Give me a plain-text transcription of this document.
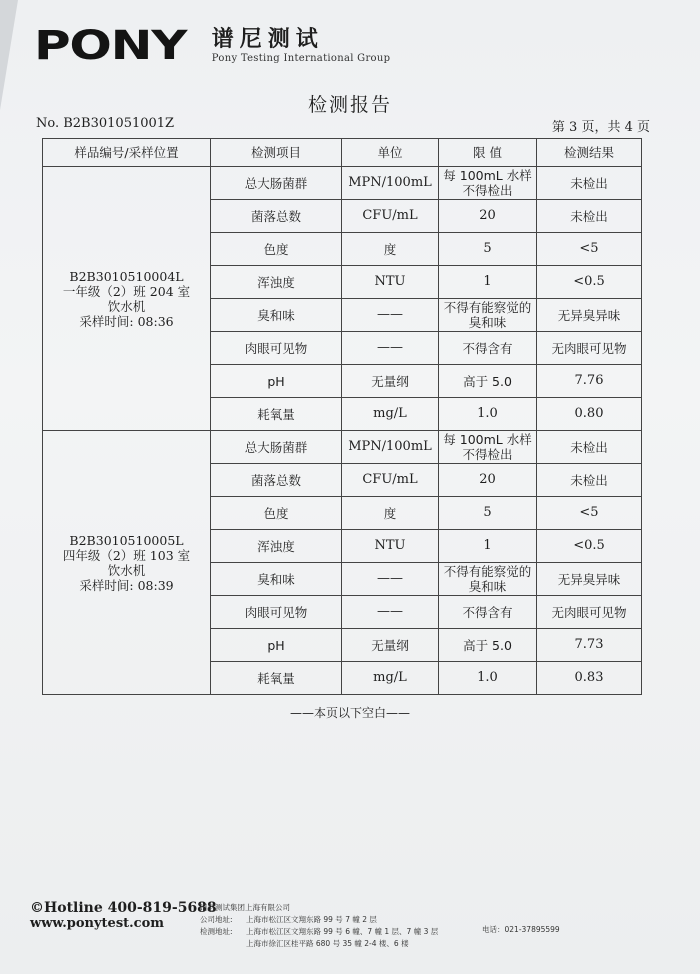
PONY 谱尼测试
Pony Testing International Group
检测报告
No. B2B301051001Z	第 3 页，共 4 页
样品编号/采样位置	检测项目	单位	限 值	检测结果

B2B3010510004L
一年级（2）班 204 室
饮水机
采样时间: 08:36	总大肠菌群	MPN/100mL	每 100mL 水样不得检出	未检出
	菌落总数	CFU/mL	20	未检出
	色度	度	5	<5
	浑浊度	NTU	1	<0.5
	臭和味	——	不得有能察觉的臭和味	无异臭异味
	肉眼可见物	——	不得含有	无肉眼可见物
	pH	无量纲	高于 5.0	7.76
	耗氧量	mg/L	1.0	0.80

B2B3010510005L
四年级（2）班 103 室
饮水机
采样时间: 08:39	总大肠菌群	MPN/100mL	每 100mL 水样不得检出	未检出
	菌落总数	CFU/mL	20	未检出
	色度	度	5	<5
	浑浊度	NTU	1	<0.5
	臭和味	——	不得有能察觉的臭和味	无异臭异味
	肉眼可见物	——	不得含有	无肉眼可见物
	pH	无量纲	高于 5.0	7.73
	耗氧量	mg/L	1.0	0.83
——本页以下空白——
©Hotline 400-819-5688
www.ponytest.com
谱尼测试集团上海有限公司
公司地址:	上海市松江区文翔东路 99 号 7 幢 2 层
检测地址:	上海市松江区文翔东路 99 号 6 幢、7 幢 1 层、7 幢 3 层
上海市徐汇区桂平路 680 号 35 幢 2-4 楼、6 楼
电话：021-37895599
